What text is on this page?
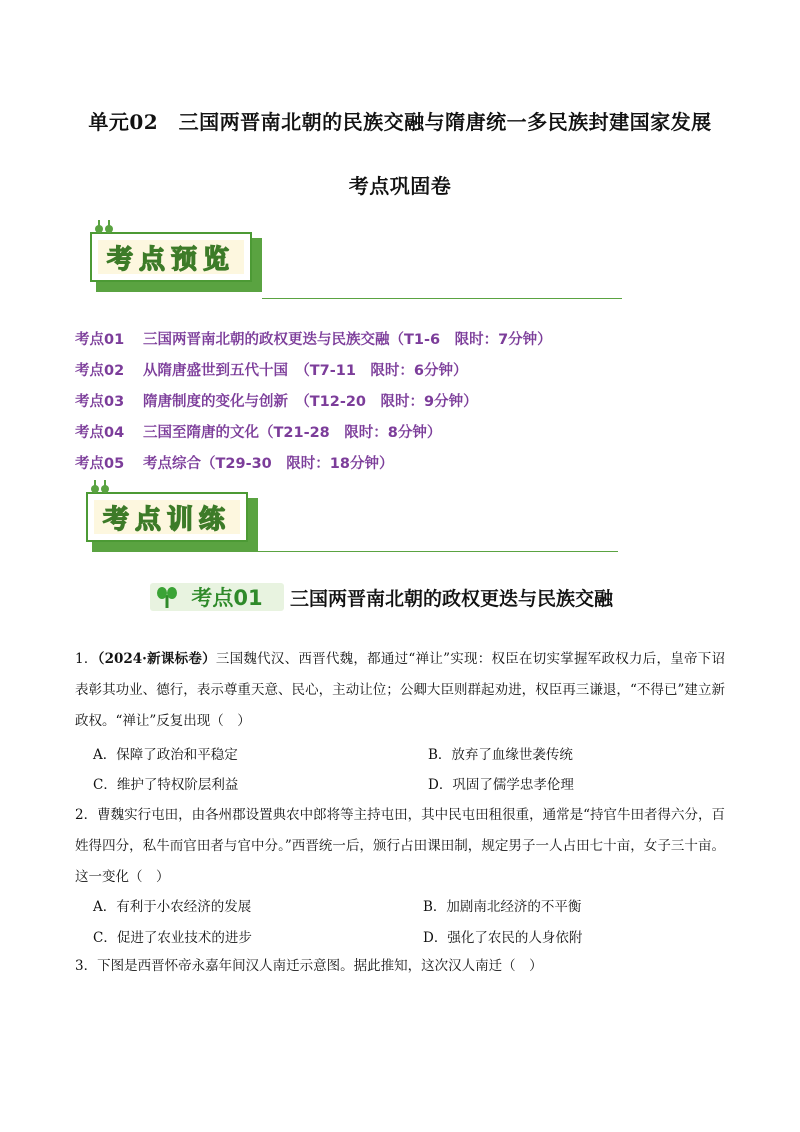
单元02　三国两晋南北朝的民族交融与隋唐统一多民族封建国家发展
考点巩固卷
考点预览
考点01 三国两晋南北朝的政权更迭与民族交融（T1-6　限时：7分钟）
考点02 从隋唐盛世到五代十国　（T7-11　限时：6分钟）
考点03 隋唐制度的变化与创新　（T12-20　限时：9分钟）
考点04 三国至隋唐的文化（T21-28　限时：8分钟）
考点05 考点综合（T29-30　限时：18分钟）
考点训练
考点01 三国两晋南北朝的政权更迭与民族交融
1．（2024·新课标卷）三国魏代汉、西晋代魏，都通过“禅让”实现：权臣在切实掌握军政权力后，皇帝下诏表彰其功业、德行，表示尊重天意、民心，主动让位；公卿大臣则群起劝进，权臣再三谦退，“不得已”建立新政权。“禅让”反复出现（　）
A．保障了政治和平稳定	B．放弃了血缘世袭传统
C．维护了特权阶层利益	D．巩固了儒学忠孝伦理
2．曹魏实行屯田，由各州郡设置典农中郎将等主持屯田，其中民屯田租很重，通常是“持官牛田者得六分，百姓得四分，私牛而官田者与官中分。”西晋统一后，颁行占田课田制，规定男子一人占田七十亩，女子三十亩。这一变化（　）
A．有利于小农经济的发展	B．加剧南北经济的不平衡
C．促进了农业技术的进步	D．强化了农民的人身依附
3．下图是西晋怀帝永嘉年间汉人南迁示意图。据此推知，这次汉人南迁（　）
